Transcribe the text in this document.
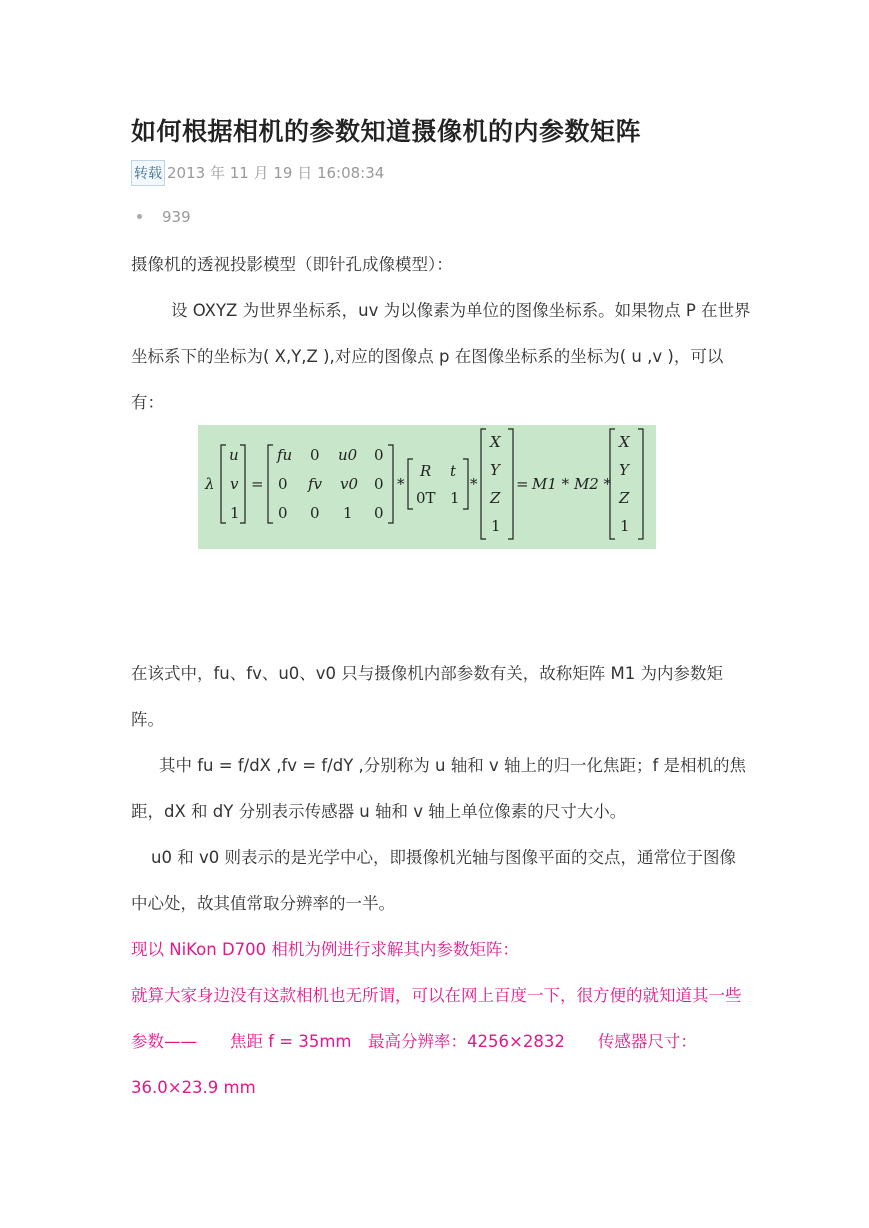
如何根据相机的参数知道摄像机的内参数矩阵
转载 2013 年 11 月 19 日 16:08:34
939
摄像机的透视投影模型（即针孔成像模型）：
设 OXYZ 为世界坐标系，uv 为以像素为单位的图像坐标系。如果物点 P 在世界坐标系下的坐标为( X,Y,Z ),对应的图像点 p 在图像坐标系的坐标为( u ,v )，可以有：
λ
u
v
1
=
fu 0 u0 0
0 fv v0 0
0 0 1 0
*
R t
0T 1
*
X
Y
Z
1
= M1 * M2 *
X
Y
Z
1
在该式中，fu、fv、u0、v0 只与摄像机内部参数有关，故称矩阵 M1 为内参数矩阵。
其中 fu = f/dX ,fv = f/dY ,分别称为 u 轴和 v 轴上的归一化焦距；f 是相机的焦距，dX 和 dY 分别表示传感器 u 轴和 v 轴上单位像素的尺寸大小。
u0 和 v0 则表示的是光学中心，即摄像机光轴与图像平面的交点，通常位于图像中心处，故其值常取分辨率的一半。
现以 NiKon D700 相机为例进行求解其内参数矩阵：
就算大家身边没有这款相机也无所谓，可以在网上百度一下，很方便的就知道其一些参数——　　焦距 f = 35mm　最高分辨率：4256×2832　　传感器尺寸：36.0×23.9 mm
